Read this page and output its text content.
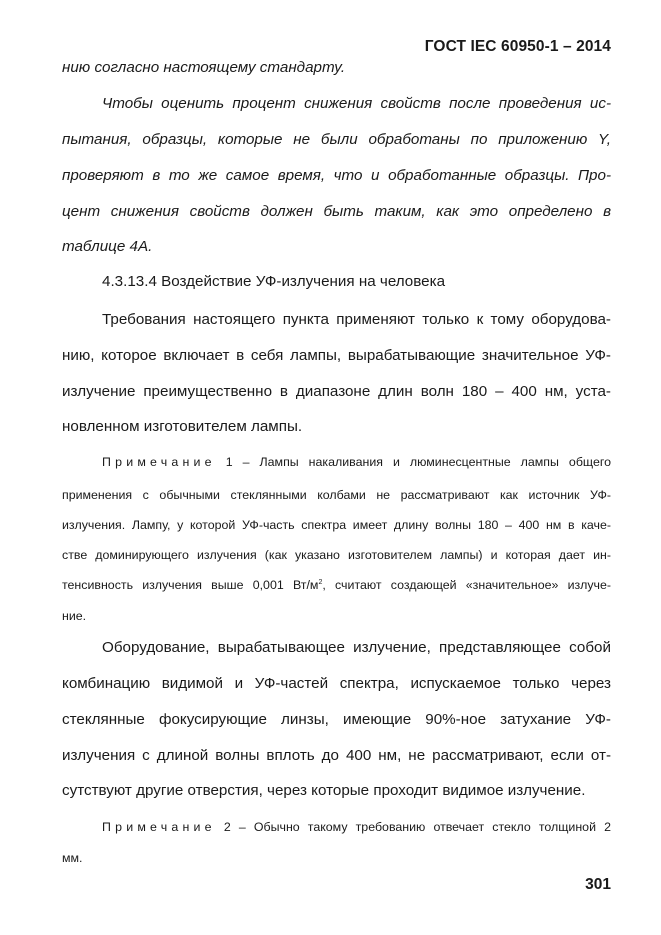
ГОСТ IEC 60950-1 – 2014
нию согласно настоящему стандарту.
Чтобы оценить процент снижения свойств после проведения ис-
пытания, образцы, которые не были обработаны по приложению Y,
проверяют в то же самое время, что и обработанные образцы. Про-
цент снижения свойств должен быть таким, как это определено в
таблице 4А.
4.3.13.4 Воздействие УФ-излучения на человека
Требования настоящего пункта применяют только к тому оборудова-
нию, которое включает в себя лампы, вырабатывающие значительное УФ-
излучение преимущественно в диапазоне длин волн 180 – 400 нм, уста-
новленном изготовителем лампы.
Примечание 1 – Лампы накаливания и люминесцентные лампы общего
применения с обычными стеклянными колбами не рассматривают как источник УФ-
излучения. Лампу, у которой УФ-часть спектра имеет длину волны 180 – 400 нм в каче-
стве доминирующего излучения (как указано изготовителем лампы) и которая дает ин-
тенсивность излучения выше 0,001 $Вт/м^2$, считают создающей «значительное» излуче-
ние.
Оборудование, вырабатывающее излучение, представляющее собой
комбинацию видимой и УФ-частей спектра, испускаемое только через
стеклянные фокусирующие линзы, имеющие 90%-ное затухание УФ-
излучения с длиной волны вплоть до 400 нм, не рассматривают, если от-
сутствуют другие отверстия, через которые проходит видимое излучение.
Примечание 2 – Обычно такому требованию отвечает стекло толщиной 2
мм.
301
